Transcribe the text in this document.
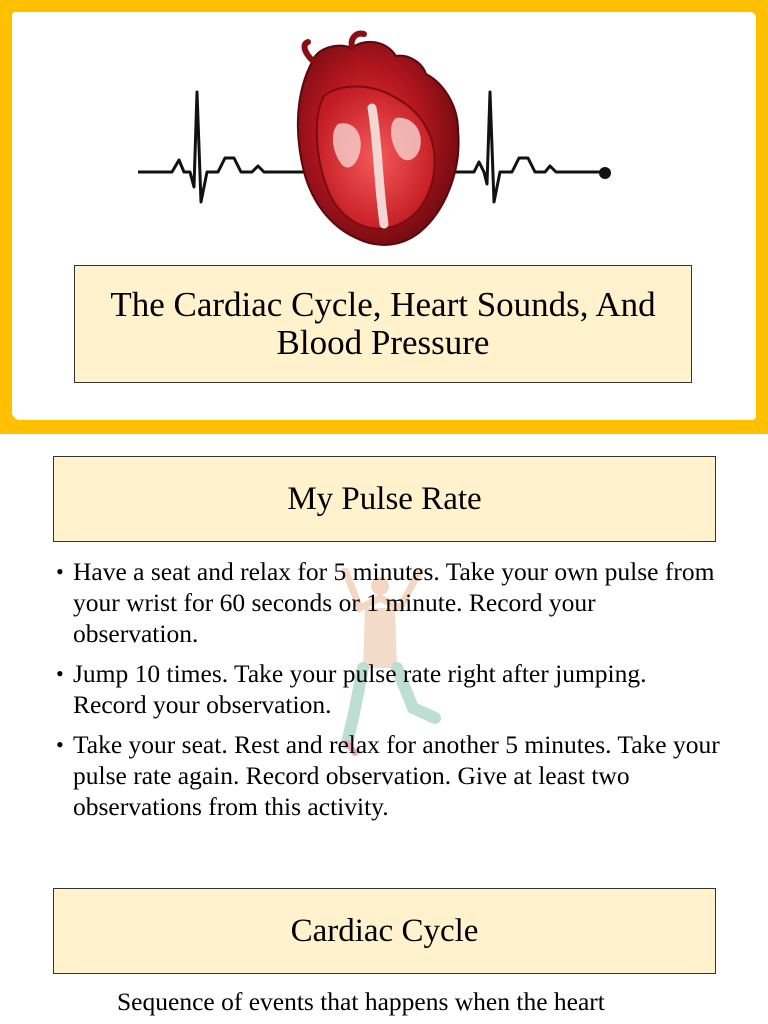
The Cardiac Cycle, Heart Sounds, And Blood Pressure
My Pulse Rate
• Have a seat and relax for 5 minutes. Take your own pulse from your wrist for 60 seconds or 1 minute. Record your observation.
• Jump 10 times. Take your pulse rate right after jumping. Record your observation.
• Take your seat. Rest and relax for another 5 minutes. Take your pulse rate again. Record observation. Give at least two observations from this activity.
Cardiac Cycle
Sequence of events that happens when the heart
